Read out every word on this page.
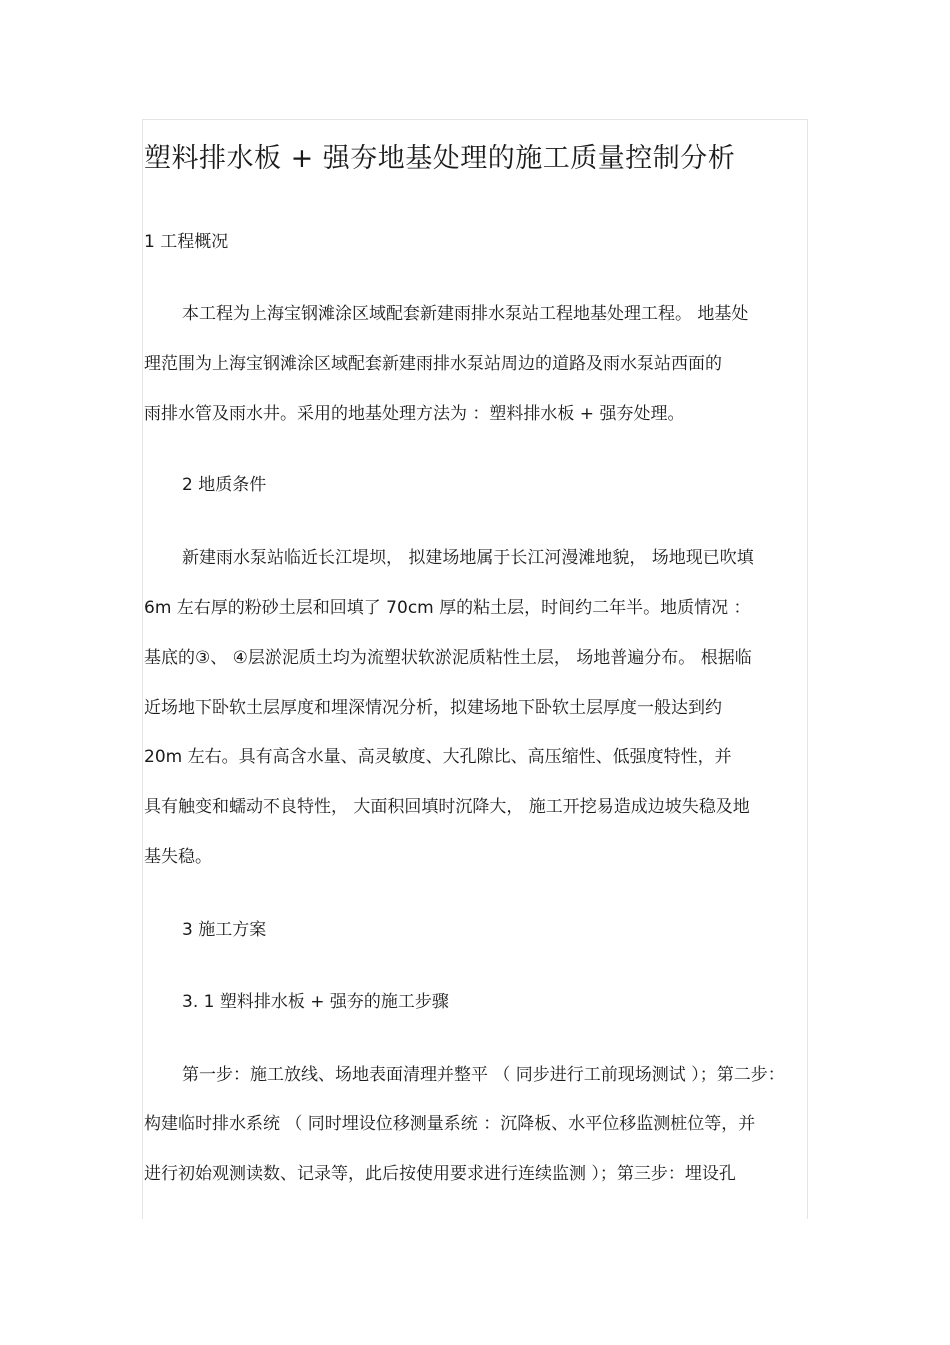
塑料排水板 + 强夯地基处理的施工质量控制分析
1 工程概况
本工程为上海宝钢滩涂区域配套新建雨排水泵站工程地基处理工程。 地基处
理范围为上海宝钢滩涂区域配套新建雨排水泵站周边的道路及雨水泵站西面的
雨排水管及雨水井。采用的地基处理方法为 ：塑料排水板 + 强夯处理。
2 地质条件
新建雨水泵站临近长江堤坝， 拟建场地属于长江河漫滩地貌， 场地现已吹填
6m 左右厚的粉砂土层和回填了 70cm 厚的粘土层，时间约二年半。地质情况 ：
基底的③、 ④层淤泥质土均为流塑状软淤泥质粘性土层， 场地普遍分布。 根据临
近场地下卧软土层厚度和埋深情况分析，拟建场地下卧软土层厚度一般达到约
20m 左右。具有高含水量、高灵敏度、大孔隙比、高压缩性、低强度特性，并
具有触变和蠕动不良特性， 大面积回填时沉降大， 施工开挖易造成边坡失稳及地
基失稳。
3 施工方案
3. 1 塑料排水板 + 强夯的施工步骤
第一步：施工放线、场地表面清理并整平 （ 同步进行工前现场测试 ）；第二步：
构建临时排水系统 （ 同时埋设位移测量系统 ：沉降板、水平位移监测桩位等，并
进行初始观测读数、记录等，此后按使用要求进行连续监测 ）；第三步：埋设孔
